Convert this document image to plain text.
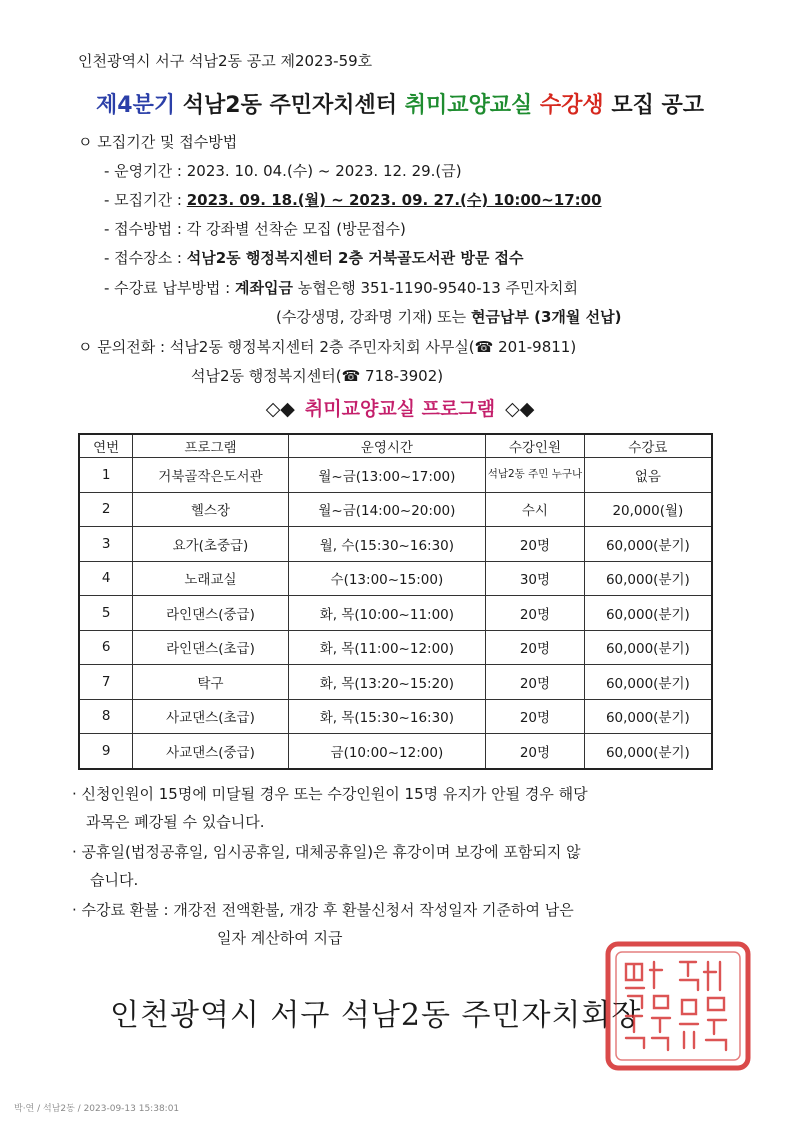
인천광역시 서구 석남2동 공고 제2023-59호
제4분기 석남2동 주민자치센터 취미교양교실 수강생 모집 공고
ㅇ 모집기간 및 접수방법
- 운영기간 : 2023. 10. 04.(수) ~ 2023. 12. 29.(금)
- 모집기간 : 2023. 09. 18.(월) ~ 2023. 09. 27.(수) 10:00~17:00
- 접수방법 : 각 강좌별 선착순 모집 (방문접수)
- 접수장소 : 석남2동 행정복지센터 2층 거북골도서관 방문 접수
- 수강료 납부방법 : 계좌입금 농협은행 351-1190-9540-13 주민자치회
(수강생명, 강좌명 기재) 또는 현금납부 (3개월 선납)
ㅇ 문의전화 : 석남2동 행정복지센터 2층 주민자치회 사무실(☎ 201-9811)
석남2동 행정복지센터(☎ 718-3902)
◇◆ 취미교양교실 프로그램 ◇◆
연번	프로그램	운영시간	수강인원	수강료
1	거북골작은도서관	월~금(13:00~17:00)	석남2동 주민 누구나	없음
2	헬스장	월~금(14:00~20:00)	수시	20,000(월)
3	요가(초중급)	월, 수(15:30~16:30)	20명	60,000(분기)
4	노래교실	수(13:00~15:00)	30명	60,000(분기)
5	라인댄스(중급)	화, 목(10:00~11:00)	20명	60,000(분기)
6	라인댄스(초급)	화, 목(11:00~12:00)	20명	60,000(분기)
7	탁구	화, 목(13:20~15:20)	20명	60,000(분기)
8	사교댄스(초급)	화, 목(15:30~16:30)	20명	60,000(분기)
9	사교댄스(중급)	금(10:00~12:00)	20명	60,000(분기)
· 신청인원이 15명에 미달될 경우 또는 수강인원이 15명 유지가 안될 경우 해당
과목은 폐강될 수 있습니다.
· 공휴일(법정공휴일, 임시공휴일, 대체공휴일)은 휴강이며 보강에 포함되지 않
습니다.
· 수강료 환불 : 개강전 전액환불, 개강 후 환불신청서 작성일자 기준하여 남은
일자 계산하여 지급
인천광역시 서구 석남2동 주민자치회장
박·연 / 석남2동 / 2023-09-13 15:38:01
